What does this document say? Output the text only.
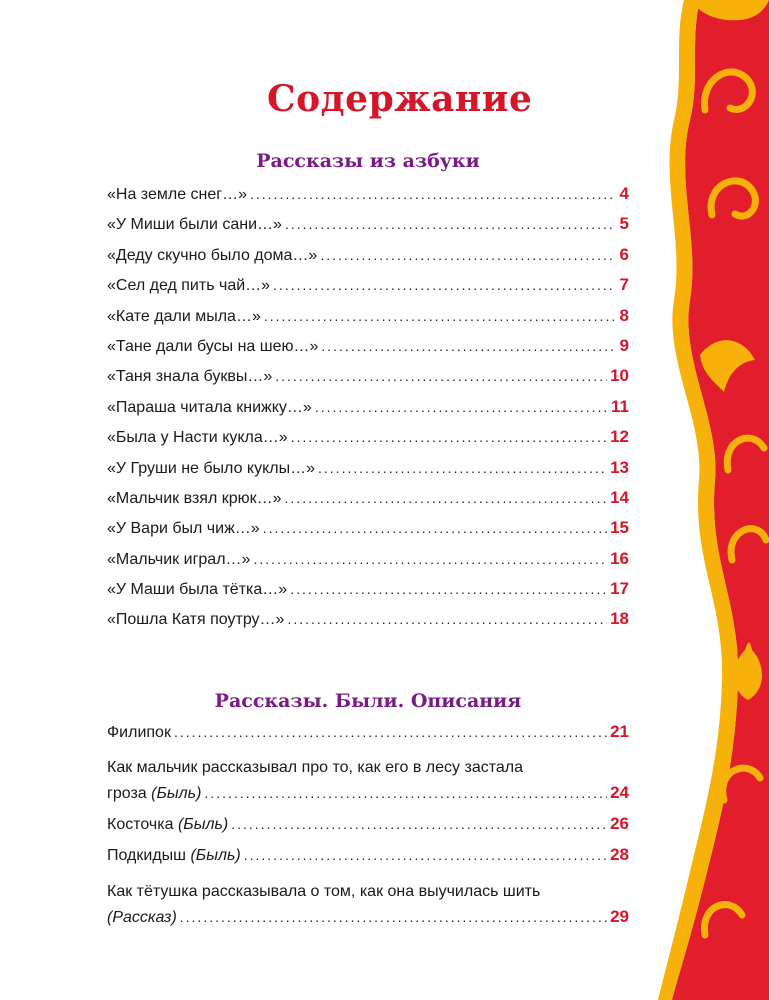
Содержание
Рассказы из азбуки
«На земле снег…» .....	4
«У Миши были сани…» .....	5
«Деду скучно было дома…» .....	6
«Сел дед пить чай…» .....	7
«Кате дали мыла…» .....	8
«Тане дали бусы на шею…» .....	9
«Таня знала буквы…» .....	10
«Параша читала книжку…» .....	11
«Была у Насти кукла…» .....	12
«У Груши не было куклы…» .....	13
«Мальчик взял крюк…» .....	14
«У Вари был чиж…» .....	15
«Мальчик играл…» .....	16
«У Маши была тётка…» .....	17
«Пошла Катя поутру…» .....	18
Рассказы. Были. Описания
Филипок .....	21
Как мальчик рассказывал про то, как его в лесу застала
гроза (Быль) .....	24
Косточка (Быль) .....	26
Подкидыш (Быль) .....	28
Как тётушка рассказывала о том, как она выучилась шить
(Рассказ) .....	29
